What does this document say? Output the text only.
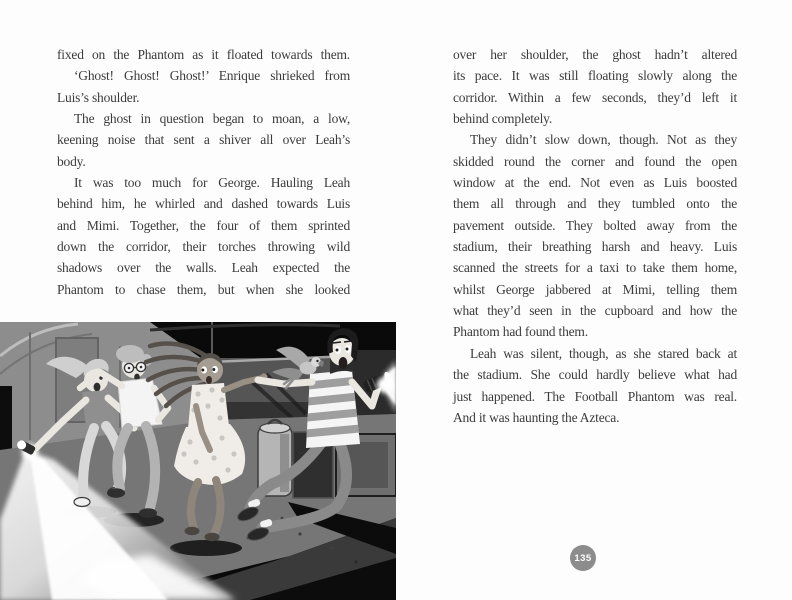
fixed on the Phantom as it floated towards them.
‘Ghost! Ghost! Ghost!’ Enrique shrieked from
Luis’s shoulder.
The ghost in question began to moan, a low,
keening noise that sent a shiver all over Leah’s
body.
It was too much for George. Hauling Leah
behind him, he whirled and dashed towards Luis
and Mimi. Together, the four of them sprinted
down the corridor, their torches throwing wild
shadows over the walls. Leah expected the
Phantom to chase them, but when she looked
over her shoulder, the ghost hadn’t altered
its pace. It was still floating slowly along the
corridor. Within a few seconds, they’d left it
behind completely.
They didn’t slow down, though. Not as they
skidded round the corner and found the open
window at the end. Not even as Luis boosted
them all through and they tumbled onto the
pavement outside. They bolted away from the
stadium, their breathing harsh and heavy. Luis
scanned the streets for a taxi to take them home,
whilst George jabbered at Mimi, telling them
what they’d seen in the cupboard and how the
Phantom had found them.
Leah was silent, though, as she stared back at
the stadium. She could hardly believe what had
just happened. The Football Phantom was real.
And it was haunting the Azteca.
135
